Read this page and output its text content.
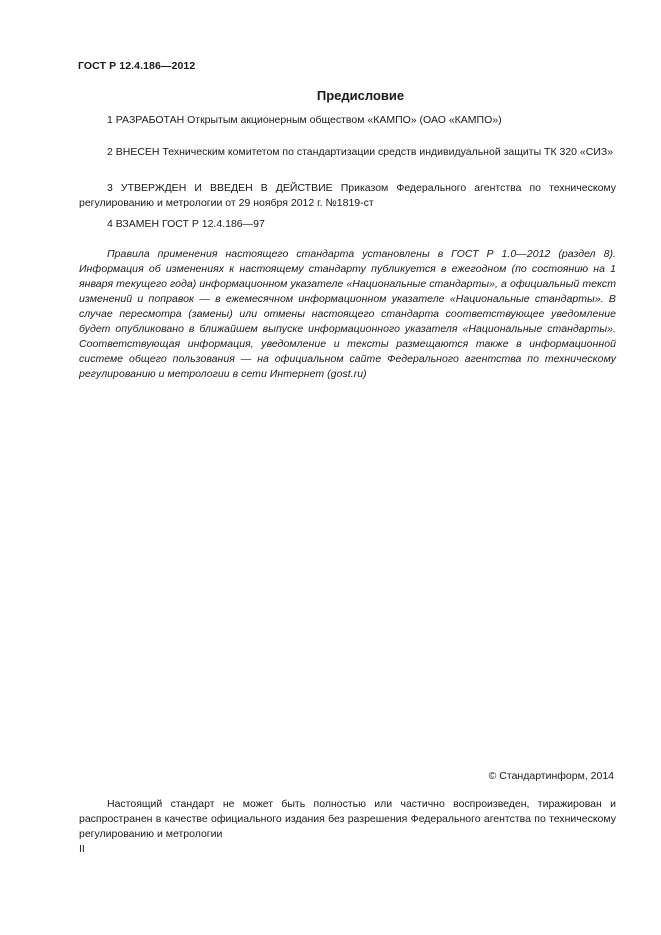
ГОСТ Р 12.4.186—2012
Предисловие

1 РАЗРАБОТАН Открытым акционерным обществом «КАМПО» (ОАО «КАМПО»)

2 ВНЕСЕН Техническим комитетом по стандартизации средств индивидуальной защиты ТК 320 «СИЗ»

3 УТВЕРЖДЕН И ВВЕДЕН В ДЕЙСТВИЕ Приказом Федерального агентства по техническому регулированию и метрологии от 29 ноября 2012 г. №1819-ст

4 ВЗАМЕН ГОСТ Р 12.4.186—97

Правила применения настоящего стандарта установлены в ГОСТ Р 1.0—2012 (раздел 8). Информация об изменениях к настоящему стандарту публикуется в ежегодном (по состоянию на 1 января текущего года) информационном указателе «Национальные стандарты», а официальный текст изменений и поправок — в ежемесячном информационном указателе «Национальные стандарты». В случае пересмотра (замены) или отмены настоящего стандарта соответствующее уведомление будет опубликовано в ближайшем выпуске информационного указателя «Национальные стандарты». Соответствующая информация, уведомление и тексты размещаются также в информационной системе общего пользования — на официальном сайте Федерального агентства по техническому регулированию и метрологии в сети Интернет (gost.ru)

© Стандартинформ, 2014

Настоящий стандарт не может быть полностью или частично воспроизведен, тиражирован и распространен в качестве официального издания без разрешения Федерального агентства по техническому регулированию и метрологии

II
